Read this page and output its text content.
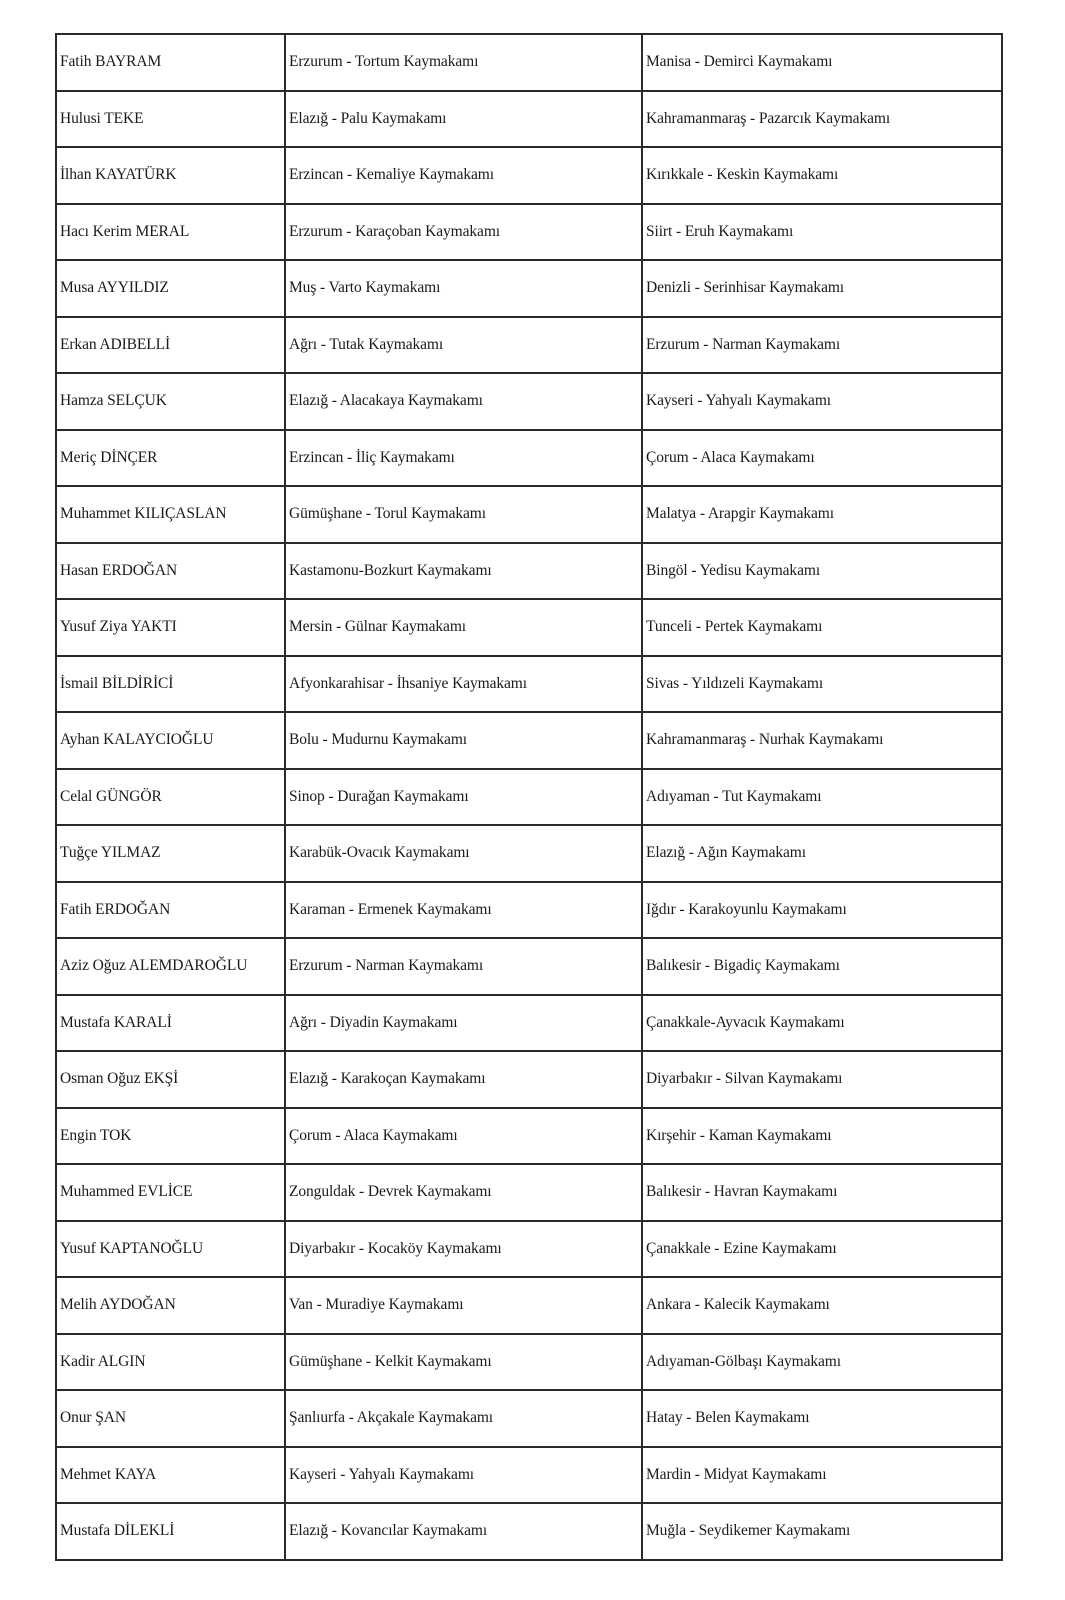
Fatih BAYRAM	Erzurum - Tortum Kaymakamı	Manisa - Demirci Kaymakamı
Hulusi TEKE	Elazığ - Palu Kaymakamı	Kahramanmaraş - Pazarcık Kaymakamı
İlhan KAYATÜRK	Erzincan - Kemaliye Kaymakamı	Kırıkkale - Keskin Kaymakamı
Hacı Kerim MERAL	Erzurum - Karaçoban Kaymakamı	Siirt - Eruh Kaymakamı
Musa AYYILDIZ	Muş - Varto Kaymakamı	Denizli - Serinhisar Kaymakamı
Erkan ADIBELLİ	Ağrı - Tutak Kaymakamı	Erzurum - Narman Kaymakamı
Hamza SELÇUK	Elazığ - Alacakaya Kaymakamı	Kayseri - Yahyalı Kaymakamı
Meriç DİNÇER	Erzincan - İliç Kaymakamı	Çorum - Alaca Kaymakamı
Muhammet KILIÇASLAN	Gümüşhane - Torul Kaymakamı	Malatya - Arapgir Kaymakamı
Hasan ERDOĞAN	Kastamonu-Bozkurt Kaymakamı	Bingöl - Yedisu Kaymakamı
Yusuf Ziya YAKTI	Mersin - Gülnar Kaymakamı	Tunceli - Pertek Kaymakamı
İsmail BİLDİRİCİ	Afyonkarahisar - İhsaniye Kaymakamı	Sivas - Yıldızeli Kaymakamı
Ayhan KALAYCIOĞLU	Bolu - Mudurnu Kaymakamı	Kahramanmaraş - Nurhak Kaymakamı
Celal GÜNGÖR	Sinop - Durağan Kaymakamı	Adıyaman - Tut Kaymakamı
Tuğçe YILMAZ	Karabük-Ovacık Kaymakamı	Elazığ - Ağın Kaymakamı
Fatih ERDOĞAN	Karaman - Ermenek Kaymakamı	Iğdır - Karakoyunlu Kaymakamı
Aziz Oğuz ALEMDAROĞLU	Erzurum - Narman Kaymakamı	Balıkesir - Bigadiç Kaymakamı
Mustafa KARALİ	Ağrı - Diyadin Kaymakamı	Çanakkale-Ayvacık Kaymakamı
Osman Oğuz EKŞİ	Elazığ - Karakoçan Kaymakamı	Diyarbakır - Silvan Kaymakamı
Engin TOK	Çorum - Alaca Kaymakamı	Kırşehir - Kaman Kaymakamı
Muhammed EVLİCE	Zonguldak - Devrek Kaymakamı	Balıkesir - Havran Kaymakamı
Yusuf KAPTANOĞLU	Diyarbakır - Kocaköy Kaymakamı	Çanakkale - Ezine Kaymakamı
Melih AYDOĞAN	Van - Muradiye Kaymakamı	Ankara - Kalecik Kaymakamı
Kadir ALGIN	Gümüşhane - Kelkit Kaymakamı	Adıyaman-Gölbaşı Kaymakamı
Onur ŞAN	Şanlıurfa - Akçakale Kaymakamı	Hatay - Belen Kaymakamı
Mehmet KAYA	Kayseri - Yahyalı Kaymakamı	Mardin - Midyat Kaymakamı
Mustafa DİLEKLİ	Elazığ - Kovancılar Kaymakamı	Muğla - Seydikemer Kaymakamı
